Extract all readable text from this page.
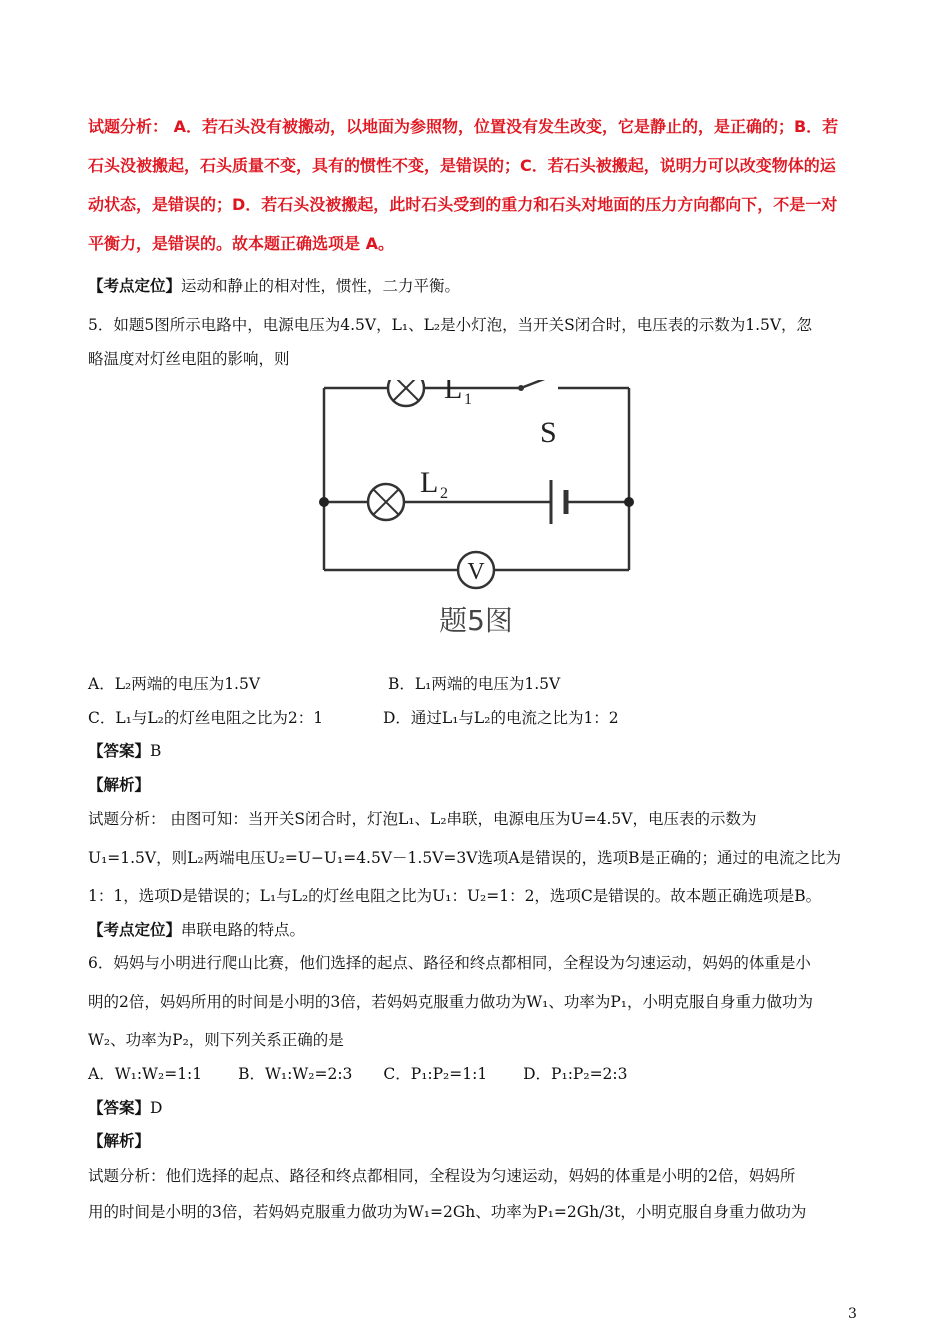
试题分析： A．若石头没有被搬动，以地面为参照物，位置没有发生改变，它是静止的，是正确的；B．若
石头没被搬起，石头质量不变，具有的惯性不变，是错误的；C．若石头被搬起，说明力可以改变物体的运
动状态，是错误的；D．若石头没被搬起，此时石头受到的重力和石头对地面的压力方向都向下，不是一对
平衡力，是错误的。故本题正确选项是 A。
【考点定位】运动和静止的相对性，惯性，二力平衡。
5．如题5图所示电路中，电源电压为4.5V，L₁、L₂是小灯泡，当开关S闭合时，电压表的示数为1.5V，忽
略温度对灯丝电阻的影响，则
V
L 1
S
L 2
题5图
A．L₂两端的电压为1.5V	B．L₁两端的电压为1.5V
C．L₁与L₂的灯丝电阻之比为2：1	D．通过L₁与L₂的电流之比为1：2
【答案】B
【解析】
试题分析： 由图可知：当开关S闭合时，灯泡L₁、L₂串联，电源电压为U=4.5V，电压表的示数为
U₁=1.5V，则L₂两端电压U₂=U−U₁=4.5V－1.5V=3V选项A是错误的，选项B是正确的；通过的电流之比为
1：1，选项D是错误的；L₁与L₂的灯丝电阻之比为U₁：U₂=1：2，选项C是错误的。故本题正确选项是B。
【考点定位】串联电路的特点。
6．妈妈与小明进行爬山比赛，他们选择的起点、路径和终点都相同，全程设为匀速运动，妈妈的体重是小
明的2倍，妈妈所用的时间是小明的3倍，若妈妈克服重力做功为W₁、功率为P₁，小明克服自身重力做功为
W₂、功率为P₂，则下列关系正确的是
A．W₁:W₂=1:1　　 B．W₁:W₂=2:3　　C．P₁:P₂=1:1　　 D．P₁:P₂=2:3
【答案】D
【解析】
试题分析：他们选择的起点、路径和终点都相同，全程设为匀速运动，妈妈的体重是小明的2倍，妈妈所
用的时间是小明的3倍，若妈妈克服重力做功为W₁=2Gh、功率为P₁=2Gh/3t，小明克服自身重力做功为
3
